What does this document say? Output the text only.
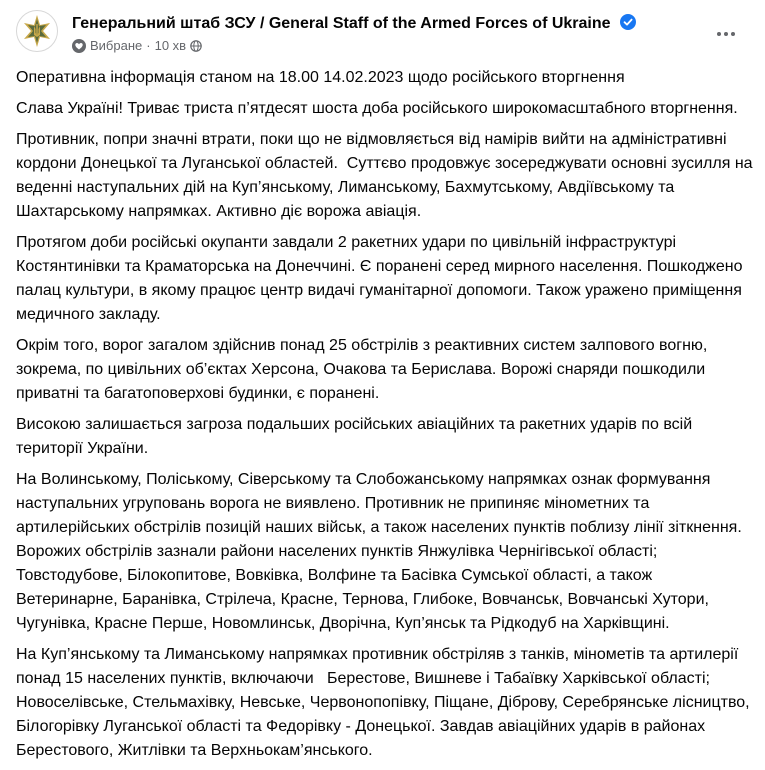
Генеральний штаб ЗСУ / General Staff of the Armed Forces of Ukraine
Вибране · 10 хв

Оперативна інформація станом на 18.00 14.02.2023 щодо російського вторгнення

Слава Україні! Триває триста п’ятдесят шоста доба російського широкомасштабного вторгнення.

Противник, попри значні втрати, поки що не відмовляється від намірів вийти на адміністративні кордони Донецької та Луганської областей.  Суттєво продовжує зосереджувати основні зусилля на веденні наступальних дій на Куп’янському, Лиманському, Бахмутському, Авдіївському та Шахтарському напрямках. Активно діє ворожа авіація.

Протягом доби російські окупанти завдали 2 ракетних удари по цивільній інфраструктурі Костянтинівки та Краматорська на Донеччині. Є поранені серед мирного населення. Пошкоджено палац культури, в якому працює центр видачі гуманітарної допомоги. Також уражено приміщення медичного закладу.

Окрім того, ворог загалом здійснив понад 25 обстрілів з реактивних систем залпового вогню, зокрема, по цивільних об’єктах Херсона, Очакова та Берислава. Ворожі снаряди пошкодили приватні та багатоповерхові будинки, є поранені.

Високою залишається загроза подальших російських авіаційних та ракетних ударів по всій території України.

На Волинському, Поліському, Сіверському та Слобожанському напрямках ознак формування наступальних угруповань ворога не виявлено. Противник не припиняє мінометних та артилерійських обстрілів позицій наших військ, а також населених пунктів поблизу лінії зіткнення. Ворожих обстрілів зазнали райони населених пунктів Янжулівка Чернігівської області; Товстодубове, Білокопитове, Вовківка, Волфине та Басівка Сумської області, а також Ветеринарне, Баранівка, Стрілеча, Красне, Тернова, Глибоке, Вовчанськ, Вовчанські Хутори, Чугунівка, Красне Перше, Новомлинськ, Дворічна, Куп’янськ та Рідкодуб на Харківщині.

На Куп’янському та Лиманському напрямках противник обстріляв з танків, мінометів та артилерії понад 15 населених пунктів, включаючи   Берестове, Вишневе і Табаївку Харківської області; Новоселівське, Стельмахівку, Невське, Червонопопівку, Піщане, Діброву, Серебрянське лісництво, Білогорівку Луганської області та Федорівку - Донецької. Завдав авіаційних ударів в районах Берестового, Житлівки та Верхньокам’янського.
